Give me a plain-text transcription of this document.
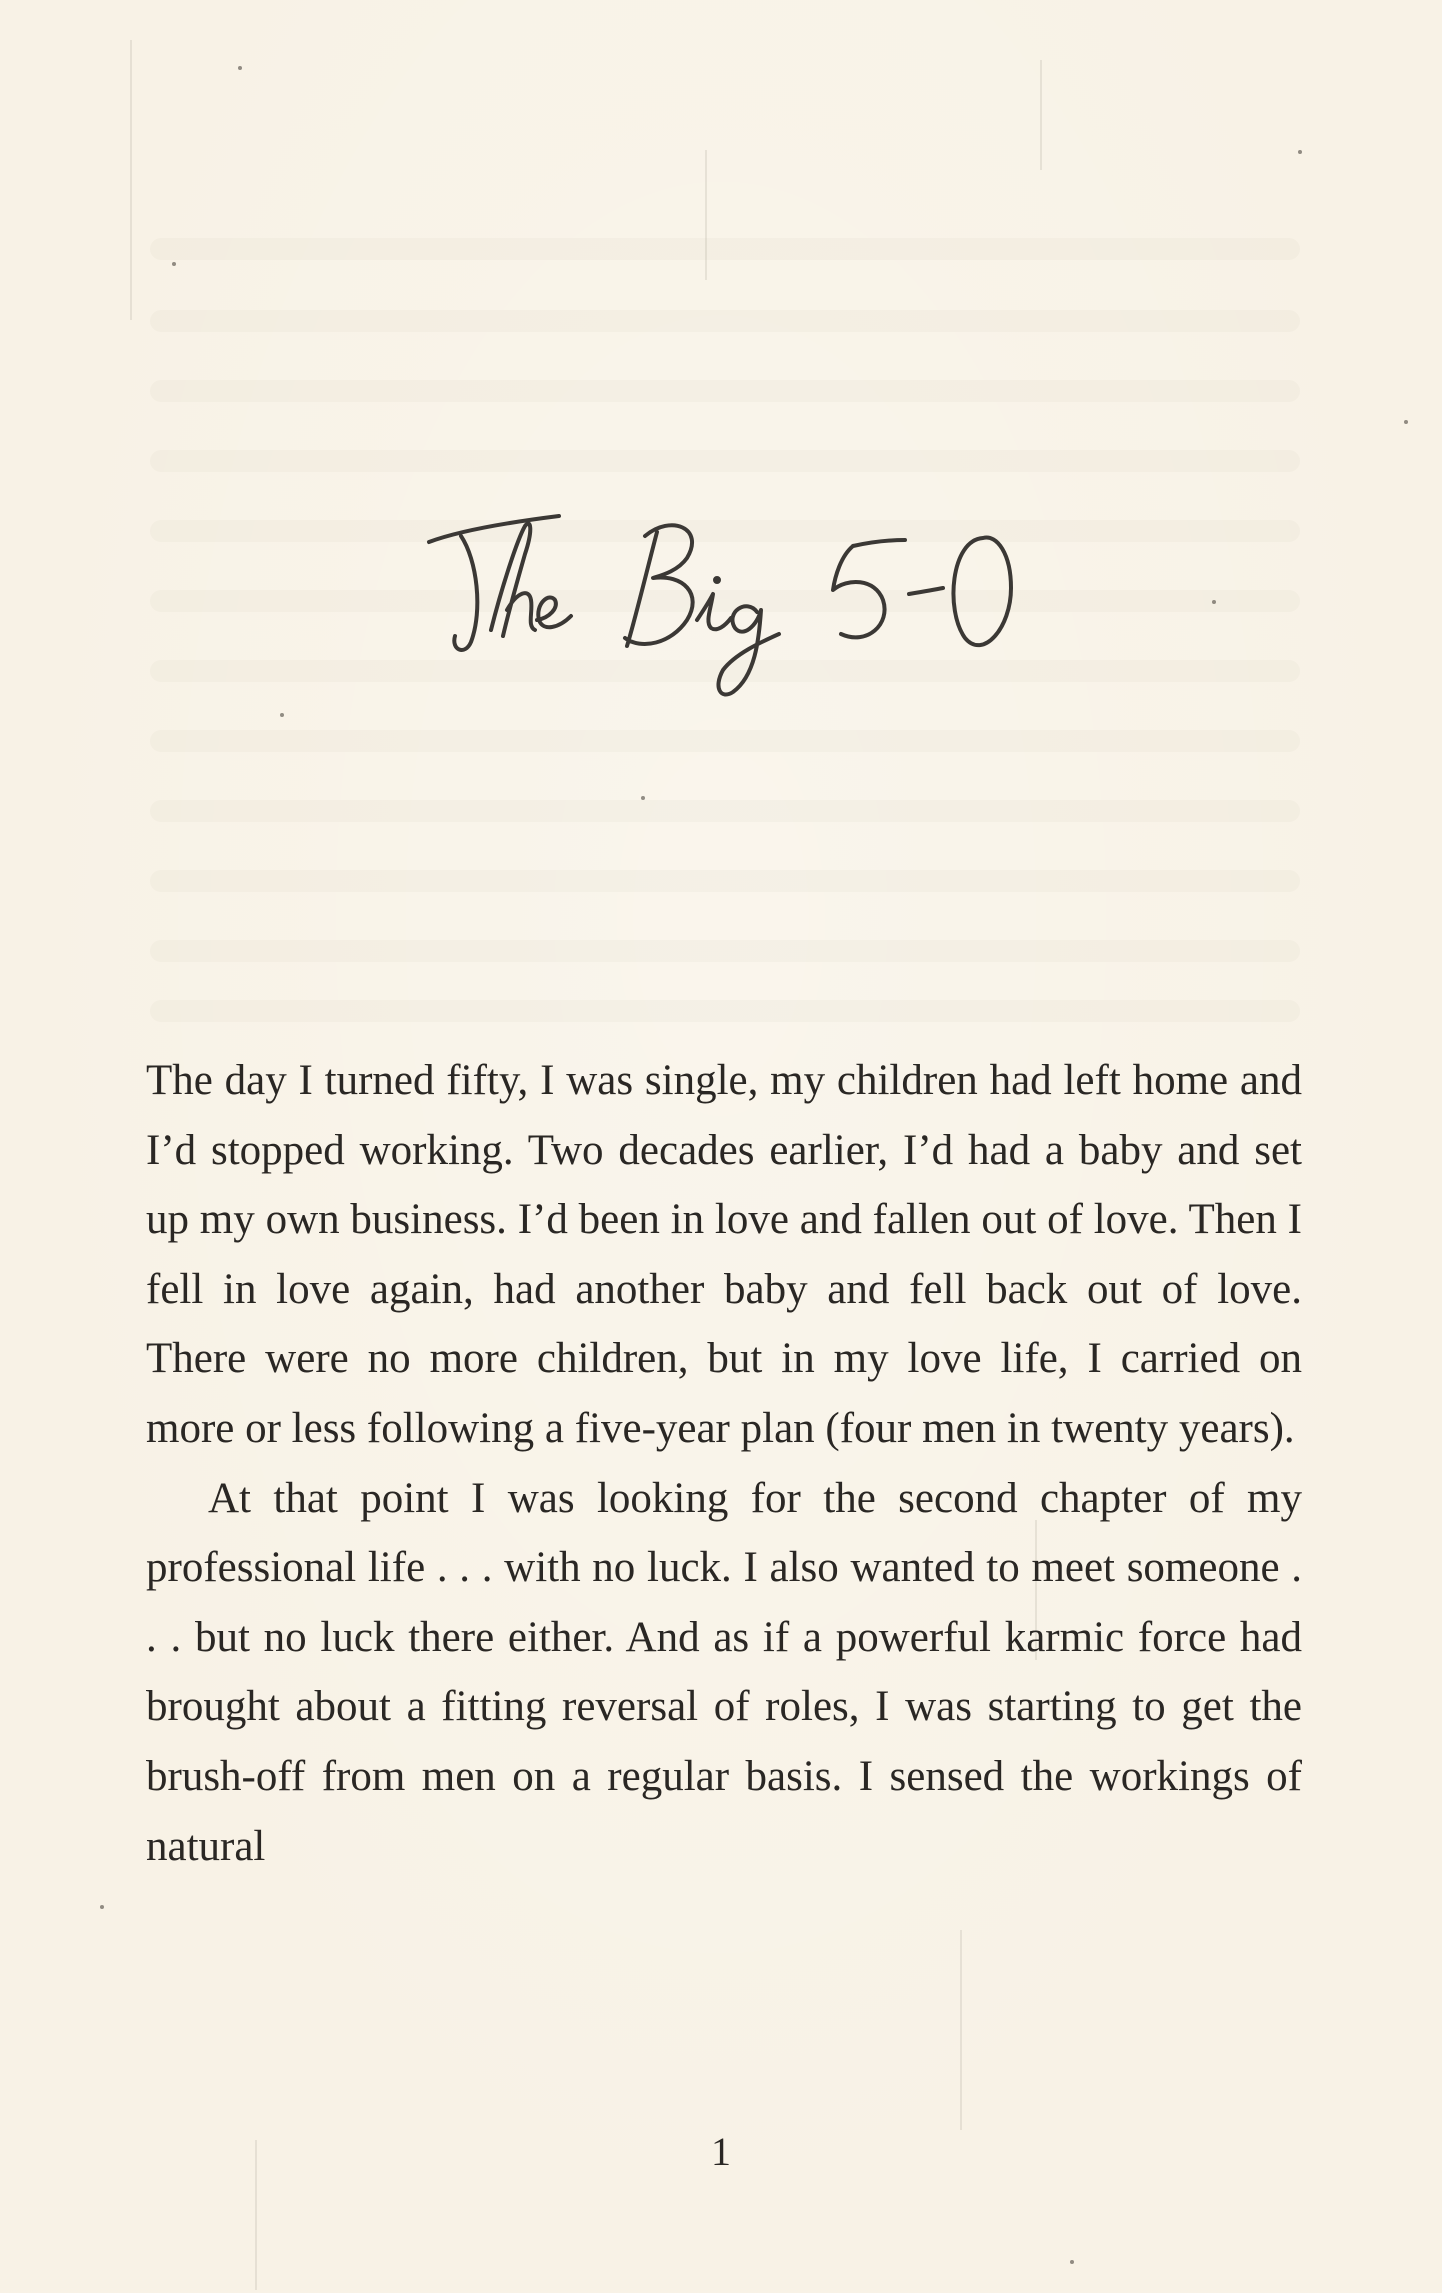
The day I turned fifty, I was single, my children had left home and I’d stopped working. Two decades earlier, I’d had a baby and set up my own business. I’d been in love and fallen out of love. Then I fell in love again, had another baby and fell back out of love. There were no more children, but in my love life, I carried on more or less following a five-year plan (four men in twenty years).

At that point I was looking for the second chapter of my professional life . . . with no luck. I also wanted to meet someone . . . but no luck there either. And as if a powerful karmic force had brought about a fitting reversal of roles, I was starting to get the brush-off from men on a regular basis. I sensed the workings of natural

1
